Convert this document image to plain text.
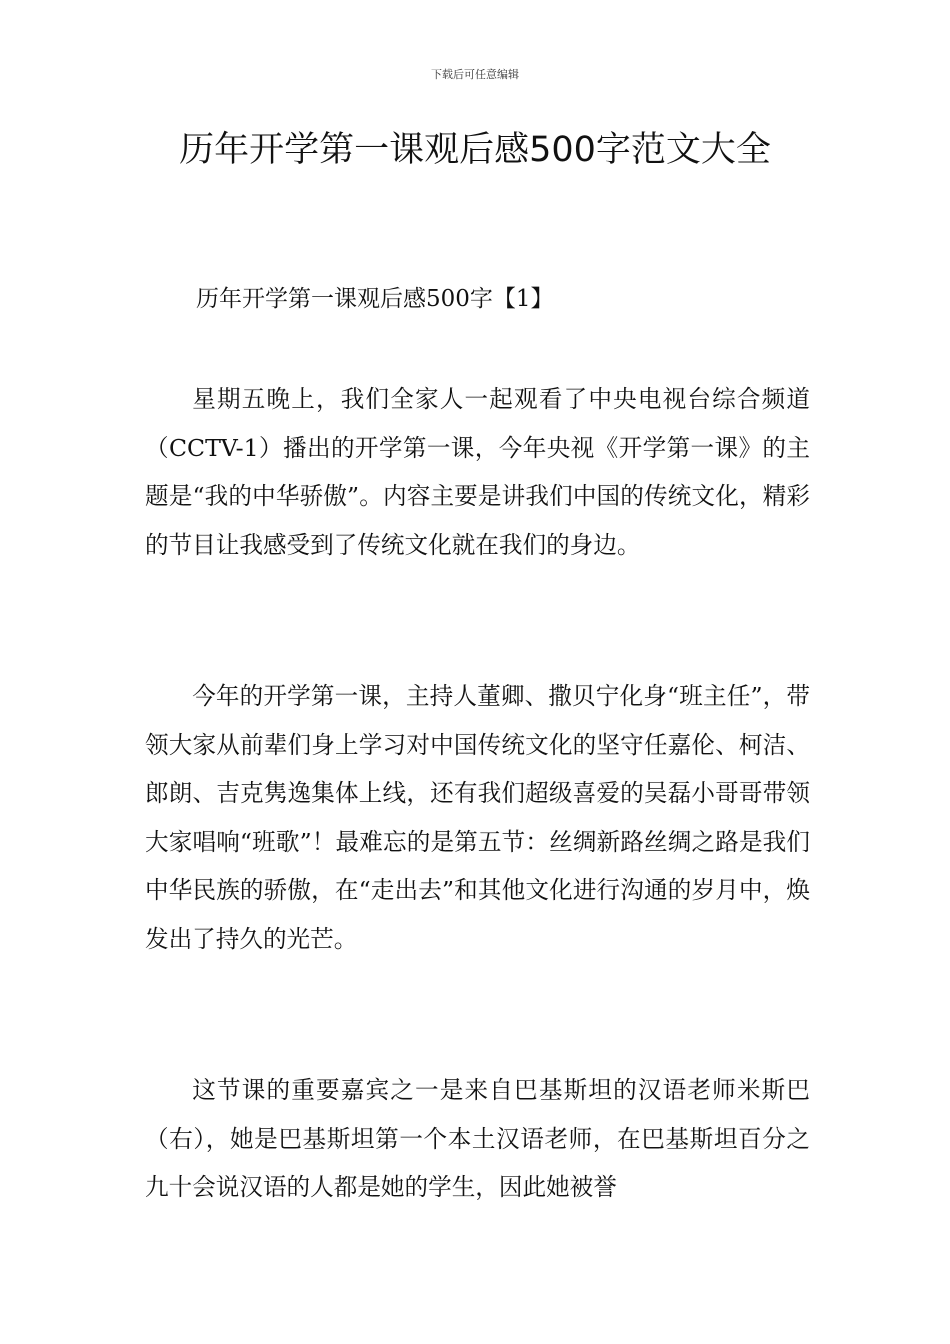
下载后可任意编辑
历年开学第一课观后感500字范文大全
历年开学第一课观后感500字【1】

星期五晚上，我们全家人一起观看了中央电视台综合频道（CCTV-1）播出的开学第一课，今年央视《开学第一课》的主题是“我的中华骄傲”。内容主要是讲我们中国的传统文化，精彩的节目让我感受到了传统文化就在我们的身边。

今年的开学第一课，主持人董卿、撒贝宁化身“班主任”，带领大家从前辈们身上学习对中国传统文化的坚守任嘉伦、柯洁、郎朗、吉克隽逸集体上线，还有我们超级喜爱的吴磊小哥哥带领大家唱响“班歌”！最难忘的是第五节：丝绸新路丝绸之路是我们中华民族的骄傲，在“走出去”和其他文化进行沟通的岁月中，焕发出了持久的光芒。

这节课的重要嘉宾之一是来自巴基斯坦的汉语老师米斯巴（右），她是巴基斯坦第一个本土汉语老师，在巴基斯坦百分之九十会说汉语的人都是她的学生，因此她被誉
